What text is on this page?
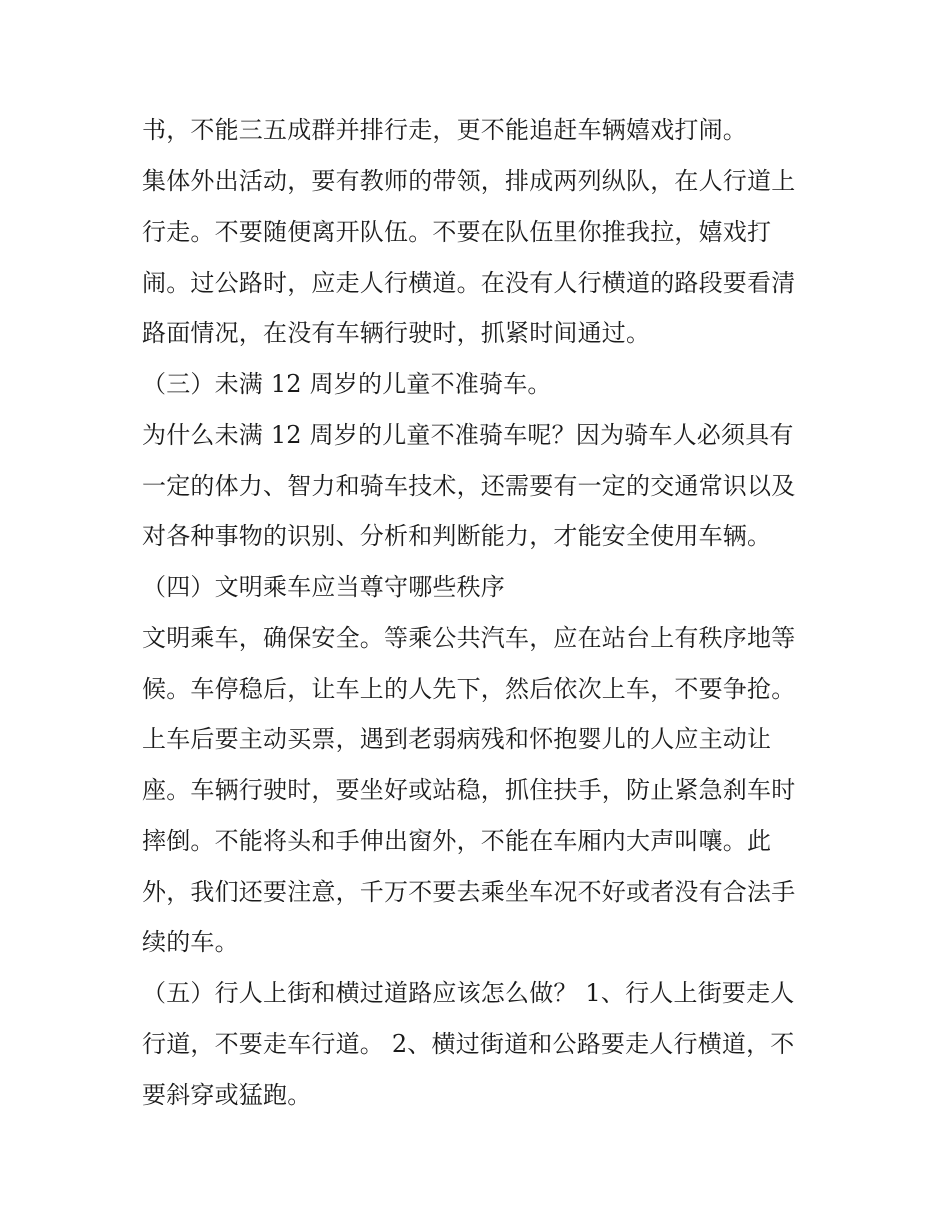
书，不能三五成群并排行走，更不能追赶车辆嬉戏打闹。
集体外出活动，要有教师的带领，排成两列纵队，在人行道上
行走。不要随便离开队伍。不要在队伍里你推我拉，嬉戏打
闹。过公路时，应走人行横道。在没有人行横道的路段要看清
路面情况，在没有车辆行驶时，抓紧时间通过。
（三）未满 12 周岁的儿童不准骑车。
为什么未满 12 周岁的儿童不准骑车呢？因为骑车人必须具有
一定的体力、智力和骑车技术，还需要有一定的交通常识以及
对各种事物的识别、分析和判断能力，才能安全使用车辆。
（四）文明乘车应当尊守哪些秩序
文明乘车，确保安全。等乘公共汽车，应在站台上有秩序地等
候。车停稳后，让车上的人先下，然后依次上车，不要争抢。
上车后要主动买票，遇到老弱病残和怀抱婴儿的人应主动让
座。车辆行驶时，要坐好或站稳，抓住扶手，防止紧急刹车时
摔倒。不能将头和手伸出窗外，不能在车厢内大声叫嚷。此
外，我们还要注意，千万不要去乘坐车况不好或者没有合法手
续的车。
（五）行人上街和横过道路应该怎么做？ 1、行人上街要走人
行道，不要走车行道。 2、横过街道和公路要走人行横道，不
要斜穿或猛跑。
